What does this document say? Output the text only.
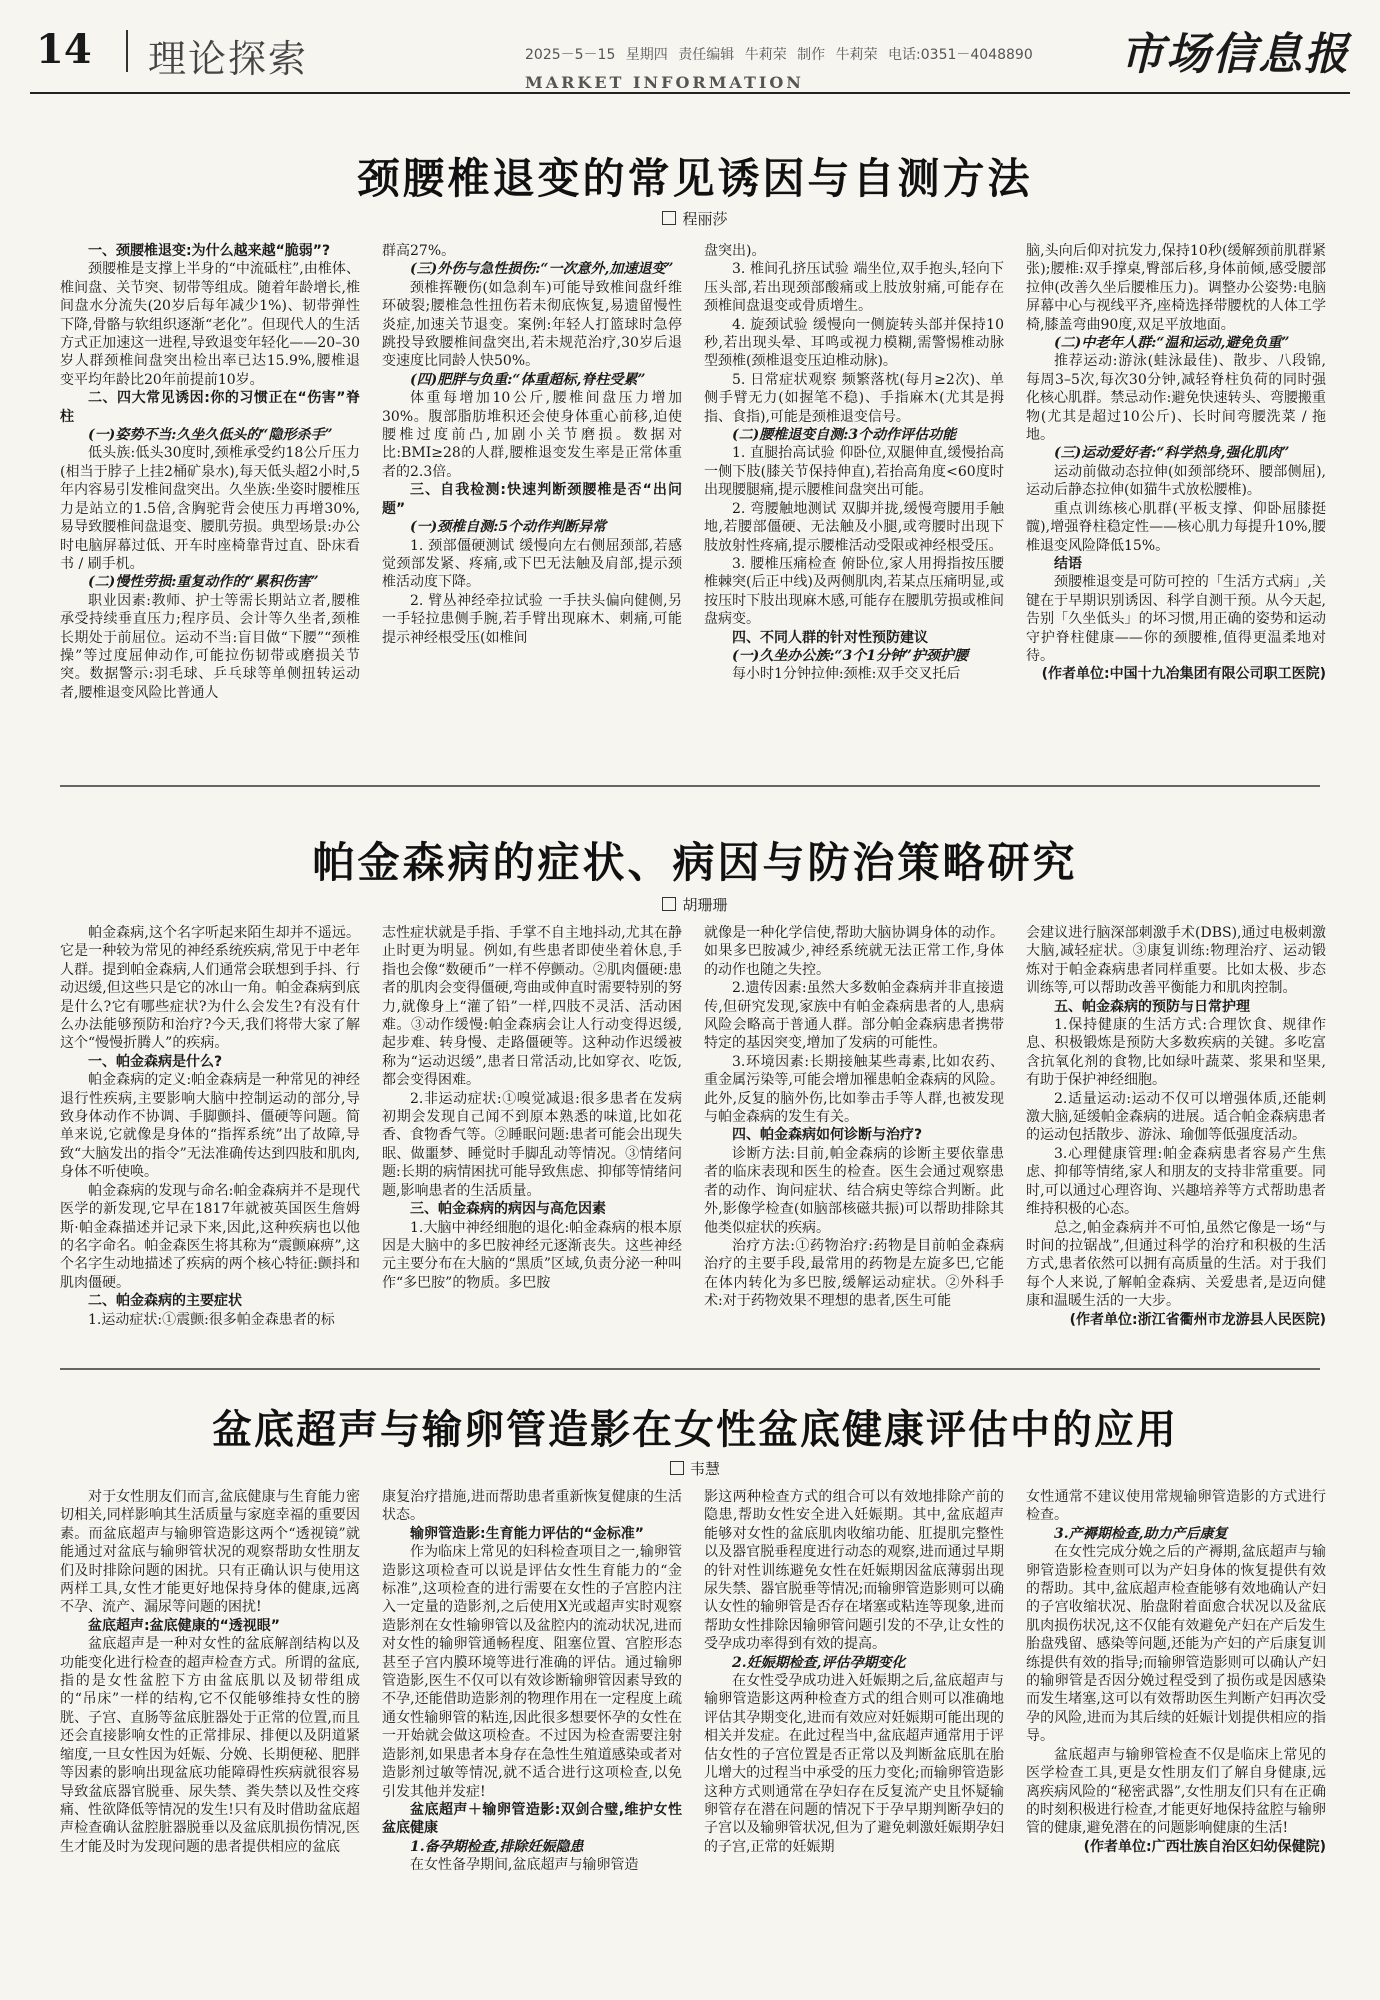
14 理论探索	2025－5－15 星期四 责任编辑 牛莉荣 制作 牛莉荣 电话:0351－4048890
MARKET INFORMATION
市场信息报
颈腰椎退变的常见诱因与自测方法
程丽莎

一、颈腰椎退变:为什么越来越“脆弱”?

颈腰椎是支撑上半身的“中流砥柱”,由椎体、椎间盘、关节突、韧带等组成。随着年龄增长,椎间盘水分流失(20岁后每年减少1%)、韧带弹性下降,骨骼与软组织逐渐“老化”。但现代人的生活方式正加速这一进程,导致退变年轻化——20–30岁人群颈椎间盘突出检出率已达15.9%,腰椎退变平均年龄比20年前提前10岁。

二、四大常见诱因:你的习惯正在“伤害”脊柱

(一)姿势不当:久坐久低头的“隐形杀手”

低头族:低头30度时,颈椎承受约18公斤压力(相当于脖子上挂2桶矿泉水),每天低头超2小时,5年内容易引发椎间盘突出。久坐族:坐姿时腰椎压力是站立的1.5倍,含胸驼背会使压力再增30%,易导致腰椎间盘退变、腰肌劳损。典型场景:办公时电脑屏幕过低、开车时座椅靠背过直、卧床看书 / 刷手机。

(二)慢性劳损:重复动作的“累积伤害”

职业因素:教师、护士等需长期站立者,腰椎承受持续垂直压力;程序员、会计等久坐者,颈椎长期处于前屈位。运动不当:盲目做“下腰”“颈椎操”等过度屈伸动作,可能拉伤韧带或磨损关节突。数据警示:羽毛球、乒乓球等单侧扭转运动者,腰椎退变风险比普通人

群高27%。

(三)外伤与急性损伤:“一次意外,加速退变”

颈椎挥鞭伤(如急刹车)可能导致椎间盘纤维环破裂;腰椎急性扭伤若未彻底恢复,易遗留慢性炎症,加速关节退变。案例:年轻人打篮球时急停跳投导致腰椎间盘突出,若未规范治疗,30岁后退变速度比同龄人快50%。

(四)肥胖与负重:“体重超标,脊柱受累”

体重每增加10公斤,腰椎间盘压力增加30%。腹部脂肪堆积还会使身体重心前移,迫使腰椎过度前凸,加剧小关节磨损。数据对比:BMI≥28的人群,腰椎退变发生率是正常体重者的2.3倍。

三、自我检测:快速判断颈腰椎是否“出问题”

(一)颈椎自测:5个动作判断异常

1. 颈部僵硬测试 缓慢向左右侧屈颈部,若感觉颈部发紧、疼痛,或下巴无法触及肩部,提示颈椎活动度下降。

2. 臂丛神经牵拉试验 一手扶头偏向健侧,另一手轻拉患侧手腕,若手臂出现麻木、刺痛,可能提示神经根受压(如椎间

盘突出)。

3. 椎间孔挤压试验 端坐位,双手抱头,轻向下压头部,若出现颈部酸痛或上肢放射痛,可能存在颈椎间盘退变或骨质增生。

4. 旋颈试验 缓慢向一侧旋转头部并保持10秒,若出现头晕、耳鸣或视力模糊,需警惕椎动脉型颈椎(颈椎退变压迫椎动脉)。

5. 日常症状观察 频繁落枕(每月≥2次)、单侧手臂无力(如握笔不稳)、手指麻木(尤其是拇指、食指),可能是颈椎退变信号。

(二)腰椎退变自测:3个动作评估功能

1. 直腿抬高试验 仰卧位,双腿伸直,缓慢抬高一侧下肢(膝关节保持伸直),若抬高角度<60度时出现腰腿痛,提示腰椎间盘突出可能。

2. 弯腰触地测试 双脚并拢,缓慢弯腰用手触地,若腰部僵硬、无法触及小腿,或弯腰时出现下肢放射性疼痛,提示腰椎活动受限或神经根受压。

3. 腰椎压痛检查 俯卧位,家人用拇指按压腰椎棘突(后正中线)及两侧肌肉,若某点压痛明显,或按压时下肢出现麻木感,可能存在腰肌劳损或椎间盘病变。

四、不同人群的针对性预防建议

(一)久坐办公族:“3个1分钟”护颈护腰

每小时1分钟拉伸:颈椎:双手交叉托后

脑,头向后仰对抗发力,保持10秒(缓解颈前肌群紧张);腰椎:双手撑桌,臀部后移,身体前倾,感受腰部拉伸(改善久坐后腰椎压力)。调整办公姿势:电脑屏幕中心与视线平齐,座椅选择带腰枕的人体工学椅,膝盖弯曲90度,双足平放地面。

(二)中老年人群:“温和运动,避免负重”

推荐运动:游泳(蛙泳最佳)、散步、八段锦,每周3–5次,每次30分钟,减轻脊柱负荷的同时强化核心肌群。禁忌动作:避免快速转头、弯腰搬重物(尤其是超过10公斤)、长时间弯腰洗菜 / 拖地。

(三)运动爱好者:“科学热身,强化肌肉”

运动前做动态拉伸(如颈部绕环、腰部侧屈),运动后静态拉伸(如猫牛式放松腰椎)。

重点训练核心肌群(平板支撑、仰卧屈膝挺髋),增强脊柱稳定性——核心肌力每提升10%,腰椎退变风险降低15%。

结语

颈腰椎退变是可防可控的「生活方式病」,关键在于早期识别诱因、科学自测干预。从今天起,告别「久坐低头」的坏习惯,用正确的姿势和运动守护脊柱健康——你的颈腰椎,值得更温柔地对待。

(作者单位:中国十九冶集团有限公司职工医院)

帕金森病的症状、病因与防治策略研究
胡珊珊

帕金森病,这个名字听起来陌生却并不遥远。它是一种较为常见的神经系统疾病,常见于中老年人群。提到帕金森病,人们通常会联想到手抖、行动迟缓,但这些只是它的冰山一角。帕金森病到底是什么?它有哪些症状?为什么会发生?有没有什么办法能够预防和治疗?今天,我们将带大家了解这个“慢慢折腾人”的疾病。

一、帕金森病是什么?

帕金森病的定义:帕金森病是一种常见的神经退行性疾病,主要影响大脑中控制运动的部分,导致身体动作不协调、手脚颤抖、僵硬等问题。简单来说,它就像是身体的“指挥系统”出了故障,导致“大脑发出的指令”无法准确传达到四肢和肌肉,身体不听使唤。

帕金森病的发现与命名:帕金森病并不是现代医学的新发现,它早在1817年就被英国医生詹姆斯·帕金森描述并记录下来,因此,这种疾病也以他的名字命名。帕金森医生将其称为“震颤麻痹”,这个名字生动地描述了疾病的两个核心特征:颤抖和肌肉僵硬。

二、帕金森病的主要症状

1.运动症状:①震颤:很多帕金森患者的标

志性症状就是手指、手掌不自主地抖动,尤其在静止时更为明显。例如,有些患者即使坐着休息,手指也会像“数硬币”一样不停颤动。②肌肉僵硬:患者的肌肉会变得僵硬,弯曲或伸直时需要特别的努力,就像身上“灌了铅”一样,四肢不灵活、活动困难。③动作缓慢:帕金森病会让人行动变得迟缓,起步难、转身慢、走路僵硬等。这种动作迟缓被称为“运动迟缓”,患者日常活动,比如穿衣、吃饭,都会变得困难。

2.非运动症状:①嗅觉减退:很多患者在发病初期会发现自己闻不到原本熟悉的味道,比如花香、食物香气等。②睡眠问题:患者可能会出现失眠、做噩梦、睡觉时手脚乱动等情况。③情绪问题:长期的病情困扰可能导致焦虑、抑郁等情绪问题,影响患者的生活质量。

三、帕金森病的病因与高危因素

1.大脑中神经细胞的退化:帕金森病的根本原因是大脑中的多巴胺神经元逐渐丧失。这些神经元主要分布在大脑的“黑质”区域,负责分泌一种叫作“多巴胺”的物质。多巴胺

就像是一种化学信使,帮助大脑协调身体的动作。如果多巴胺减少,神经系统就无法正常工作,身体的动作也随之失控。

2.遗传因素:虽然大多数帕金森病并非直接遗传,但研究发现,家族中有帕金森病患者的人,患病风险会略高于普通人群。部分帕金森病患者携带特定的基因突变,增加了发病的可能性。

3.环境因素:长期接触某些毒素,比如农药、重金属污染等,可能会增加罹患帕金森病的风险。此外,反复的脑外伤,比如拳击手等人群,也被发现与帕金森病的发生有关。

四、帕金森病如何诊断与治疗?

诊断方法:目前,帕金森病的诊断主要依靠患者的临床表现和医生的检查。医生会通过观察患者的动作、询问症状、结合病史等综合判断。此外,影像学检查(如脑部核磁共振)可以帮助排除其他类似症状的疾病。

治疗方法:①药物治疗:药物是目前帕金森病治疗的主要手段,最常用的药物是左旋多巴,它能在体内转化为多巴胺,缓解运动症状。②外科手术:对于药物效果不理想的患者,医生可能

会建议进行脑深部刺激手术(DBS),通过电极刺激大脑,减轻症状。③康复训练:物理治疗、运动锻炼对于帕金森病患者同样重要。比如太极、步态训练等,可以帮助改善平衡能力和肌肉控制。

五、帕金森病的预防与日常护理

1.保持健康的生活方式:合理饮食、规律作息、积极锻炼是预防大多数疾病的关键。多吃富含抗氧化剂的食物,比如绿叶蔬菜、浆果和坚果,有助于保护神经细胞。

2.适量运动:运动不仅可以增强体质,还能刺激大脑,延缓帕金森病的进展。适合帕金森病患者的运动包括散步、游泳、瑜伽等低强度活动。

3.心理健康管理:帕金森病患者容易产生焦虑、抑郁等情绪,家人和朋友的支持非常重要。同时,可以通过心理咨询、兴趣培养等方式帮助患者维持积极的心态。

总之,帕金森病并不可怕,虽然它像是一场“与时间的拉锯战”,但通过科学的治疗和积极的生活方式,患者依然可以拥有高质量的生活。对于我们每个人来说,了解帕金森病、关爱患者,是迈向健康和温暖生活的一大步。

(作者单位:浙江省衢州市龙游县人民医院)

盆底超声与输卵管造影在女性盆底健康评估中的应用
韦慧

对于女性朋友们而言,盆底健康与生育能力密切相关,同样影响其生活质量与家庭幸福的重要因素。而盆底超声与输卵管造影这两个“透视镜”就能通过对盆底与输卵管状况的观察帮助女性朋友们及时排除问题的困扰。只有正确认识与使用这两样工具,女性才能更好地保持身体的健康,远离不孕、流产、漏尿等问题的困扰!

盆底超声:盆底健康的“透视眼”

盆底超声是一种对女性的盆底解剖结构以及功能变化进行检查的超声检查方式。所谓的盆底,指的是女性盆腔下方由盆底肌以及韧带组成的“吊床”一样的结构,它不仅能够维持女性的膀胱、子宫、直肠等盆底脏器处于正常的位置,而且还会直接影响女性的正常排尿、排便以及阴道紧缩度,一旦女性因为妊娠、分娩、长期便秘、肥胖等因素的影响出现盆底功能障碍性疾病就很容易导致盆底器官脱垂、尿失禁、粪失禁以及性交疼痛、性欲降低等情况的发生!只有及时借助盆底超声检查确认盆腔脏器脱垂以及盆底肌损伤情况,医生才能及时为发现问题的患者提供相应的盆底

康复治疗措施,进而帮助患者重新恢复健康的生活状态。

输卵管造影:生育能力评估的“金标准”

作为临床上常见的妇科检查项目之一,输卵管造影这项检查可以说是评估女性生育能力的“金标准”,这项检查的进行需要在女性的子宫腔内注入一定量的造影剂,之后使用X光或超声实时观察造影剂在女性输卵管以及盆腔内的流动状况,进而对女性的输卵管通畅程度、阻塞位置、宫腔形态甚至子宫内膜环境等进行准确的评估。通过输卵管造影,医生不仅可以有效诊断输卵管因素导致的不孕,还能借助造影剂的物理作用在一定程度上疏通女性输卵管的粘连,因此很多想要怀孕的女性在一开始就会做这项检查。不过因为检查需要注射造影剂,如果患者本身存在急性生殖道感染或者对造影剂过敏等情况,就不适合进行这项检查,以免引发其他并发症!

盆底超声＋输卵管造影:双剑合璧,维护女性盆底健康

1.备孕期检查,排除妊娠隐患

在女性备孕期间,盆底超声与输卵管造

影这两种检查方式的组合可以有效地排除产前的隐患,帮助女性安全进入妊娠期。其中,盆底超声能够对女性的盆底肌肉收缩功能、肛提肌完整性以及器官脱垂程度进行动态的观察,进而通过早期的针对性训练避免女性在妊娠期因盆底薄弱出现尿失禁、器官脱垂等情况;而输卵管造影则可以确认女性的输卵管是否存在堵塞或粘连等现象,进而帮助女性排除因输卵管问题引发的不孕,让女性的受孕成功率得到有效的提高。

2.妊娠期检查,评估孕期变化

在女性受孕成功进入妊娠期之后,盆底超声与输卵管造影这两种检查方式的组合则可以准确地评估其孕期变化,进而有效应对妊娠期可能出现的相关并发症。在此过程当中,盆底超声通常用于评估女性的子宫位置是否正常以及判断盆底肌在胎儿增大的过程当中承受的压力变化;而输卵管造影这种方式则通常在孕妇存在反复流产史且怀疑输卵管存在潜在问题的情况下于孕早期判断孕妇的子宫以及输卵管状况,但为了避免刺激妊娠期孕妇的子宫,正常的妊娠期

女性通常不建议使用常规输卵管造影的方式进行检查。

3.产褥期检查,助力产后康复

在女性完成分娩之后的产褥期,盆底超声与输卵管造影检查则可以为产妇身体的恢复提供有效的帮助。其中,盆底超声检查能够有效地确认产妇的子宫收缩状况、胎盘附着面愈合状况以及盆底肌肉损伤状况,这不仅能有效避免产妇在产后发生胎盘残留、感染等问题,还能为产妇的产后康复训练提供有效的指导;而输卵管造影则可以确认产妇的输卵管是否因分娩过程受到了损伤或是因感染而发生堵塞,这可以有效帮助医生判断产妇再次受孕的风险,进而为其后续的妊娠计划提供相应的指导。

盆底超声与输卵管检查不仅是临床上常见的医学检查工具,更是女性朋友们了解自身健康,远离疾病风险的“秘密武器”,女性朋友们只有在正确的时刻积极进行检查,才能更好地保持盆腔与输卵管的健康,避免潜在的问题影响健康的生活!

(作者单位:广西壮族自治区妇幼保健院)
